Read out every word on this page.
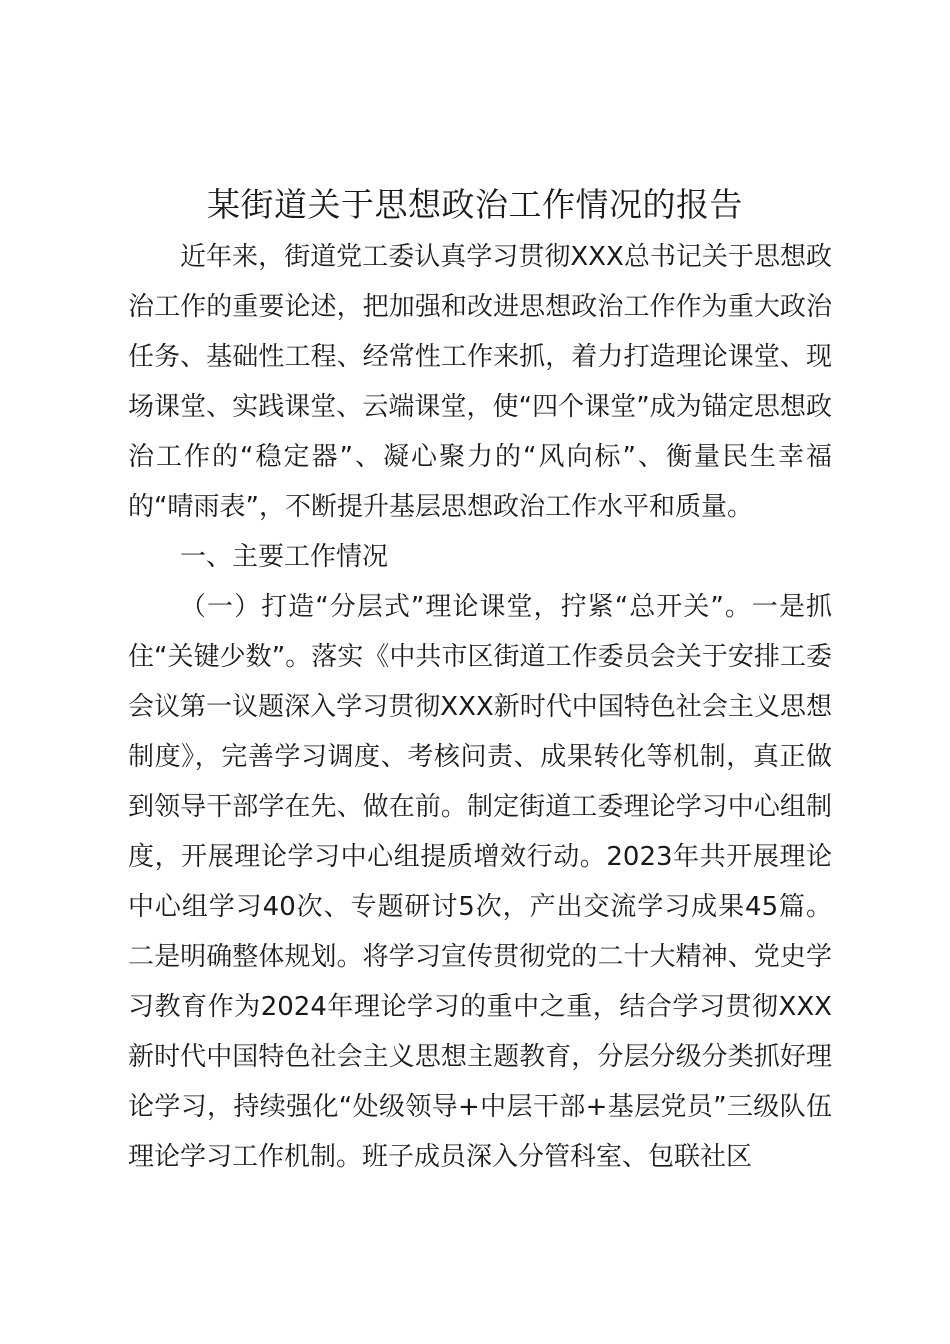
某街道关于思想政治工作情况的报告

近年来，街道党工委认真学习贯彻XXX总书记关于思想政治工作的重要论述，把加强和改进思想政治工作作为重大政治任务、基础性工程、经常性工作来抓，着力打造理论课堂、现场课堂、实践课堂、云端课堂，使“四个课堂”成为锚定思想政治工作的“稳定器”、凝心聚力的“风向标”、衡量民生幸福的“晴雨表”，不断提升基层思想政治工作水平和质量。

一、主要工作情况

（一）打造“分层式”理论课堂，拧紧“总开关”。一是抓住“关键少数”。落实《中共市区街道工作委员会关于安排工委会议第一议题深入学习贯彻XXX新时代中国特色社会主义思想制度》，完善学习调度、考核问责、成果转化等机制，真正做到领导干部学在先、做在前。制定街道工委理论学习中心组制度，开展理论学习中心组提质增效行动。2023年共开展理论中心组学习40次、专题研讨5次，产出交流学习成果45篇。二是明确整体规划。将学习宣传贯彻党的二十大精神、党史学习教育作为2024年理论学习的重中之重，结合学习贯彻XXX新时代中国特色社会主义思想主题教育，分层分级分类抓好理论学习，持续强化“处级领导+中层干部+基层党员”三级队伍理论学习工作机制。班子成员深入分管科室、包联社区
